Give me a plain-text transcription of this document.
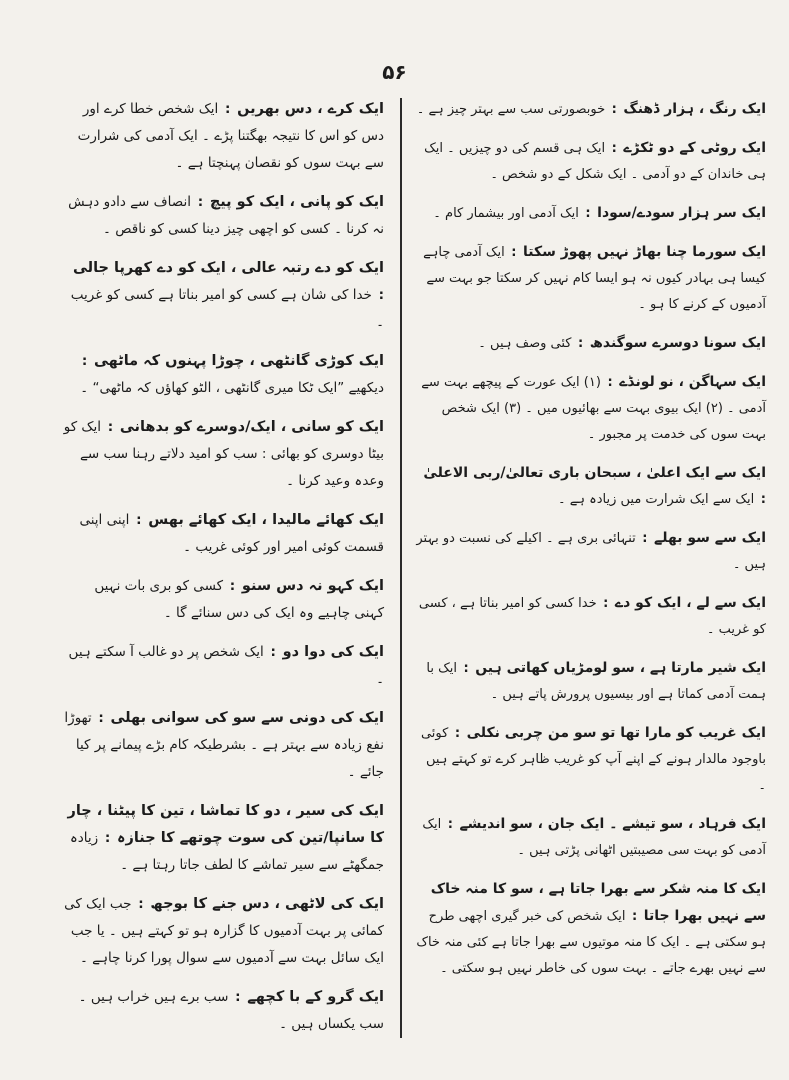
۵۶

ایک رنگ ، ہزار ڈھنگ : خوبصورتی سب سے بہتر چیز ہے ۔

ایک روٹی کے دو ٹکڑے : ایک ہی قسم کی دو چیزیں ۔ ایک ہی خاندان کے دو آدمی ۔ ایک شکل کے دو شخص ۔

ایک سر ہزار سودے/سودا : ایک آدمی اور بیشمار کام ۔

ایک سورما چنا بھاڑ نہیں پھوڑ سکتا : ایک آدمی چاہے کیسا ہی بہادر کیوں نہ ہو ایسا کام نہیں کر سکتا جو بہت سے آدمیوں کے کرنے کا ہو ۔

ایک سونا دوسرے سوگندھ : کئی وصف ہیں ۔

ایک سہاگن ، نو لونڈے : (۱) ایک عورت کے پیچھے بہت سے آدمی ۔ (۲) ایک بیوی بہت سے بھائیوں میں ۔ (۳) ایک شخص بہت سوں کی خدمت پر مجبور ۔

ایک سے ایک اعلیٰ ، سبحان باری تعالیٰ/ربی الاعلیٰ : ایک سے ایک شرارت میں زیادہ ہے ۔

ایک سے سو بھلے : تنہائی بری ہے ۔ اکیلے کی نسبت دو بہتر ہیں ۔

ایک سے لے ، ایک کو دے : خدا کسی کو امیر بناتا ہے ، کسی کو غریب ۔

ایک شیر مارتا ہے ، سو لومڑیاں کھاتی ہیں : ایک با ہمت آدمی کماتا ہے اور بیسیوں پرورش پاتے ہیں ۔

ایک غریب کو مارا تھا تو سو من چربی نکلی : کوئی باوجود مالدار ہونے کے اپنے آپ کو غریب ظاہر کرے تو کہتے ہیں ۔

ایک فرہاد ، سو تیشے ۔ ایک جان ، سو اندیشے : ایک آدمی کو بہت سی مصیبتیں اٹھانی پڑتی ہیں ۔

ایک کا منہ شکر سے بھرا جاتا ہے ، سو کا منہ خاک سے نہیں بھرا جاتا : ایک شخص کی خبر گیری اچھی طرح ہو سکتی ہے ۔ ایک کا منہ موتیوں سے بھرا جاتا ہے کئی منہ خاک سے نہیں بھرے جاتے ۔ بہت سوں کی خاطر نہیں ہو سکتی ۔

ایک کرے ، دس بھریں : ایک شخص خطا کرے اور دس کو اس کا نتیجہ بھگتنا پڑے ۔ ایک آدمی کی شرارت سے بہت سوں کو نقصان پہنچتا ہے ۔

ایک کو پانی ، ایک کو پیچ : انصاف سے دادو دہش نہ کرنا ۔ کسی کو اچھی چیز دینا کسی کو ناقص ۔

ایک کو دے رتبہ عالی ، ایک کو دے کھرپا جالی : خدا کی شان ہے کسی کو امیر بناتا ہے کسی کو غریب ۔

ایک کوڑی گانٹھی ، چوڑا پہنوں کہ ماٹھی : دیکھیے ”ایک ٹکا میری گانٹھی ، الٹو کھاؤں کہ ماٹھی“ ۔

ایک کو سانی ، ایک/دوسرے کو بدھانی : ایک کو بیٹا دوسری کو بھائی : سب کو امید دلاتے رہنا سب سے وعدہ وعید کرنا ۔

ایک کھائے مالیدا ، ایک کھائے بھس : اپنی اپنی قسمت کوئی امیر اور کوئی غریب ۔

ایک کہو نہ دس سنو : کسی کو بری بات نہیں کہنی چاہیے وہ ایک کی دس سنائے گا ۔

ایک کی دوا دو : ایک شخص پر دو غالب آ سکتے ہیں ۔

ایک کی دونی سے سو کی سوانی بھلی : تھوڑا نفع زیادہ سے بہتر ہے ۔ بشرطیکہ کام بڑے پیمانے پر کیا جائے ۔

ایک کی سیر ، دو کا تماشا ، تین کا پیٹنا ، چار کا سانپا/تین کی سوت چوتھے کا جنازہ : زیادہ جمگھٹے سے سیر تماشے کا لطف جاتا رہتا ہے ۔

ایک کی لاٹھی ، دس جنے کا بوجھ : جب ایک کی کمائی پر بہت آدمیوں کا گزارہ ہو تو کہتے ہیں ۔ یا جب ایک سائل بہت سے آدمیوں سے سوال پورا کرنا چاہے ۔

ایک گرو کے با کچھے : سب برے ہیں خراب ہیں ۔ سب یکساں ہیں ۔
